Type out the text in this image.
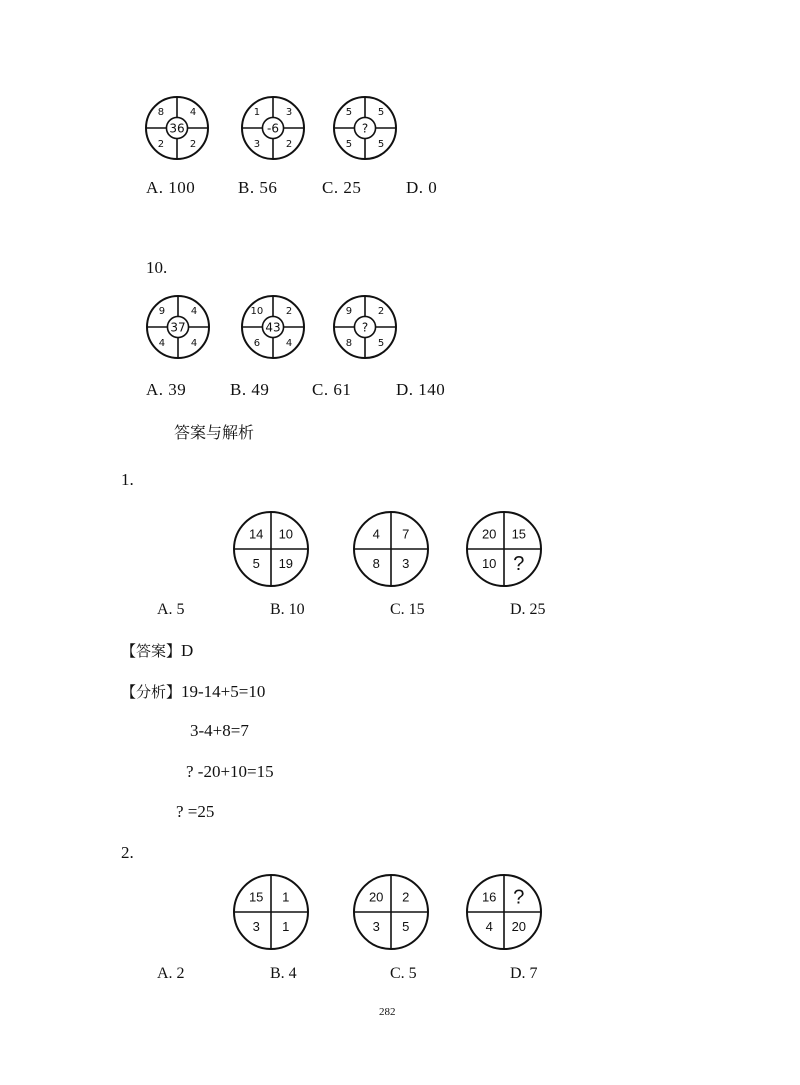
8	4
2	2
36
1	3
3	2
-6
5	5
5	5
?
A. 100	B. 56	C. 25	D. 0
10.
9	4
4	4
37
10 2
6	4
43
9	2
8	5
?
A. 39	B. 49	C. 61	D. 140
答案与解析
1.
14 10
5 19
4 7
8 3
20 15
10 ?
A. 5	B. 10	C. 15	D. 25
【答案】D
【分析】19-14+5=10
3-4+8=7
? -20+10=15
? =25
2.
15 1
3 1
20 2
3 5
16 ?
4 20
A. 2	B. 4	C. 5	D. 7
282
